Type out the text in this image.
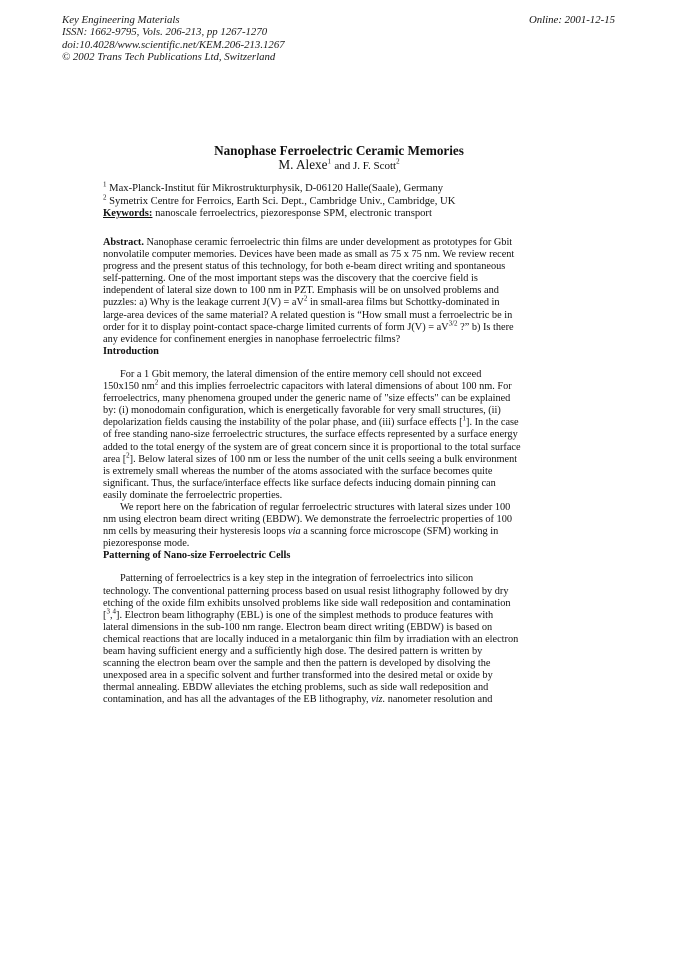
Key Engineering Materials
ISSN: 1662-9795, Vols. 206-213, pp 1267-1270
doi:10.4028/www.scientific.net/KEM.206-213.1267
© 2002 Trans Tech Publications Ltd, Switzerland
Online: 2001-12-15
Nanophase Ferroelectric Ceramic Memories
M. Alexe$^1$ and J. F. Scott$^2$
$^1$ Max-Planck-Institut für Mikrostrukturphysik, D-06120 Halle(Saale), Germany
$^2$ Symetrix Centre for Ferroics, Earth Sci. Dept., Cambridge Univ., Cambridge, UK
Keywords: nanoscale ferroelectrics, piezoresponse SPM, electronic transport
Abstract. Nanophase ceramic ferroelectric thin films are under development as prototypes for Gbit
nonvolatile computer memories. Devices have been made as small as 75 x 75 nm. We review recent
progress and the present status of this technology, for both e-beam direct writing and spontaneous
self-patterning. One of the most important steps was the discovery that the coercive field is
independent of lateral size down to 100 nm in PZT. Emphasis will be on unsolved problems and
puzzles: a) Why is the leakage current $J(V) = aV^2$ in small-area films but Schottky-dominated in
large-area devices of the same material? A related question is “How small must a ferroelectric be in
order for it to display point-contact space-charge limited currents of form $J(V) = aV^{3/2}$ ?” b) Is there
any evidence for confinement energies in nanophase ferroelectric films?
Introduction
For a 1 Gbit memory, the lateral dimension of the entire memory cell should not exceed
150x150 $nm^2$ and this implies ferroelectric capacitors with lateral dimensions of about 100 nm. For
ferroelectrics, many phenomena grouped under the generic name of "size effects" can be explained
by: (i) monodomain configuration, which is energetically favorable for very small structures, (ii)
depolarization fields causing the instability of the polar phase, and (iii) surface effects [$^1$]. In the case
of free standing nano-size ferroelectric structures, the surface effects represented by a surface energy
added to the total energy of the system are of great concern since it is proportional to the total surface
area [$^2$]. Below lateral sizes of 100 nm or less the number of the unit cells seeing a bulk environment
is extremely small whereas the number of the atoms associated with the surface becomes quite
significant. Thus, the surface/interface effects like surface defects inducing domain pinning can
easily dominate the ferroelectric properties.
We report here on the fabrication of regular ferroelectric structures with lateral sizes under 100
nm using electron beam direct writing (EBDW). We demonstrate the ferroelectric properties of 100
nm cells by measuring their hysteresis loops via a scanning force microscope (SFM) working in
piezoresponse mode.
Patterning of Nano-size Ferroelectric Cells
Patterning of ferroelectrics is a key step in the integration of ferroelectrics into silicon
technology. The conventional patterning process based on usual resist lithography followed by dry
etching of the oxide film exhibits unsolved problems like side wall redeposition and contamination
[$^3$,$^4$]. Electron beam lithography (EBL) is one of the simplest methods to produce features with
lateral dimensions in the sub-100 nm range. Electron beam direct writing (EBDW) is based on
chemical reactions that are locally induced in a metalorganic thin film by irradiation with an electron
beam having sufficient energy and a sufficiently high dose. The desired pattern is written by
scanning the electron beam over the sample and then the pattern is developed by disolving the
unexposed area in a specific solvent and further transformed into the desired metal or oxide by
thermal annealing. EBDW alleviates the etching problems, such as side wall redeposition and
contamination, and has all the advantages of the EB lithography, viz. nanometer resolution and
